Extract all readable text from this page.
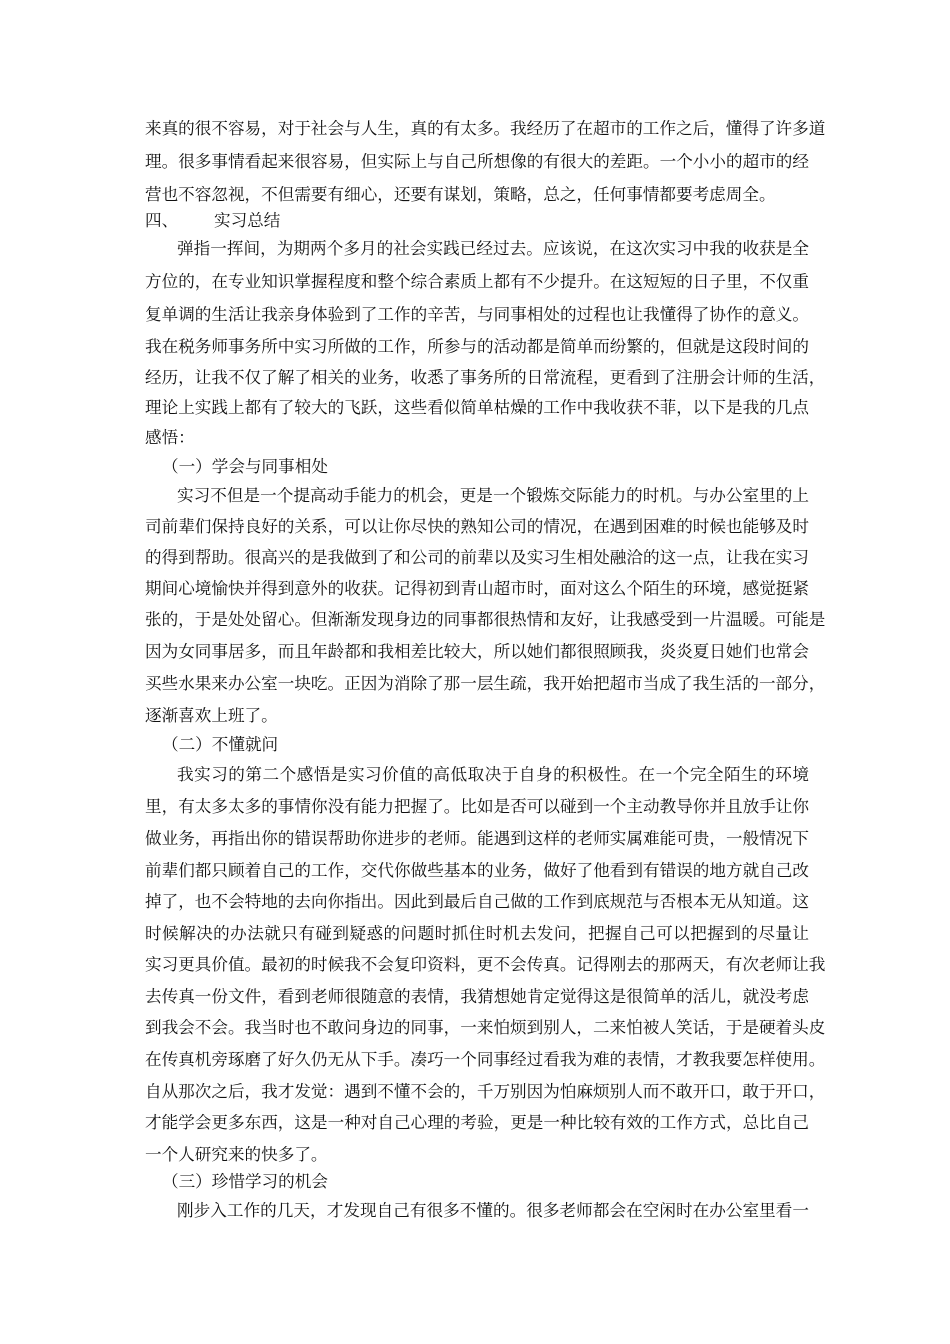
来真的很不容易，对于社会与人生，真的有太多。我经历了在超市的工作之后，懂得了许多道
理。很多事情看起来很容易，但实际上与自己所想像的有很大的差距。一个小小的超市的经
营也不容忽视，不但需要有细心，还要有谋划，策略，总之，任何事情都要考虑周全。
四、 实习总结
弹指一挥间，为期两个多月的社会实践已经过去。应该说，在这次实习中我的收获是全
方位的，在专业知识掌握程度和整个综合素质上都有不少提升。在这短短的日子里，不仅重
复单调的生活让我亲身体验到了工作的辛苦，与同事相处的过程也让我懂得了协作的意义。
我在税务师事务所中实习所做的工作，所参与的活动都是简单而纷繁的，但就是这段时间的
经历，让我不仅了解了相关的业务，收悉了事务所的日常流程，更看到了注册会计师的生活，
理论上实践上都有了较大的飞跃，这些看似简单枯燥的工作中我收获不菲，以下是我的几点
感悟：
（一）学会与同事相处
实习不但是一个提高动手能力的机会，更是一个锻炼交际能力的时机。与办公室里的上
司前辈们保持良好的关系，可以让你尽快的熟知公司的情况，在遇到困难的时候也能够及时
的得到帮助。很高兴的是我做到了和公司的前辈以及实习生相处融洽的这一点，让我在实习
期间心境愉快并得到意外的收获。记得初到青山超市时，面对这么个陌生的环境，感觉挺紧
张的，于是处处留心。但渐渐发现身边的同事都很热情和友好，让我感受到一片温暖。可能是
因为女同事居多，而且年龄都和我相差比较大，所以她们都很照顾我，炎炎夏日她们也常会
买些水果来办公室一块吃。正因为消除了那一层生疏，我开始把超市当成了我生活的一部分，
逐渐喜欢上班了。
（二）不懂就问
我实习的第二个感悟是实习价值的高低取决于自身的积极性。在一个完全陌生的环境
里，有太多太多的事情你没有能力把握了。比如是否可以碰到一个主动教导你并且放手让你
做业务，再指出你的错误帮助你进步的老师。能遇到这样的老师实属难能可贵，一般情况下
前辈们都只顾着自己的工作，交代你做些基本的业务，做好了他看到有错误的地方就自己改
掉了，也不会特地的去向你指出。因此到最后自己做的工作到底规范与否根本无从知道。这
时候解决的办法就只有碰到疑惑的问题时抓住时机去发问，把握自己可以把握到的尽量让
实习更具价值。最初的时候我不会复印资料，更不会传真。记得刚去的那两天，有次老师让我
去传真一份文件，看到老师很随意的表情，我猜想她肯定觉得这是很简单的活儿，就没考虑
到我会不会。我当时也不敢问身边的同事，一来怕烦到别人，二来怕被人笑话，于是硬着头皮
在传真机旁琢磨了好久仍无从下手。凑巧一个同事经过看我为难的表情，才教我要怎样使用。
自从那次之后，我才发觉：遇到不懂不会的，千万别因为怕麻烦别人而不敢开口，敢于开口，
才能学会更多东西，这是一种对自己心理的考验，更是一种比较有效的工作方式，总比自己
一个人研究来的快多了。
（三）珍惜学习的机会
刚步入工作的几天，才发现自己有很多不懂的。很多老师都会在空闲时在办公室里看一
